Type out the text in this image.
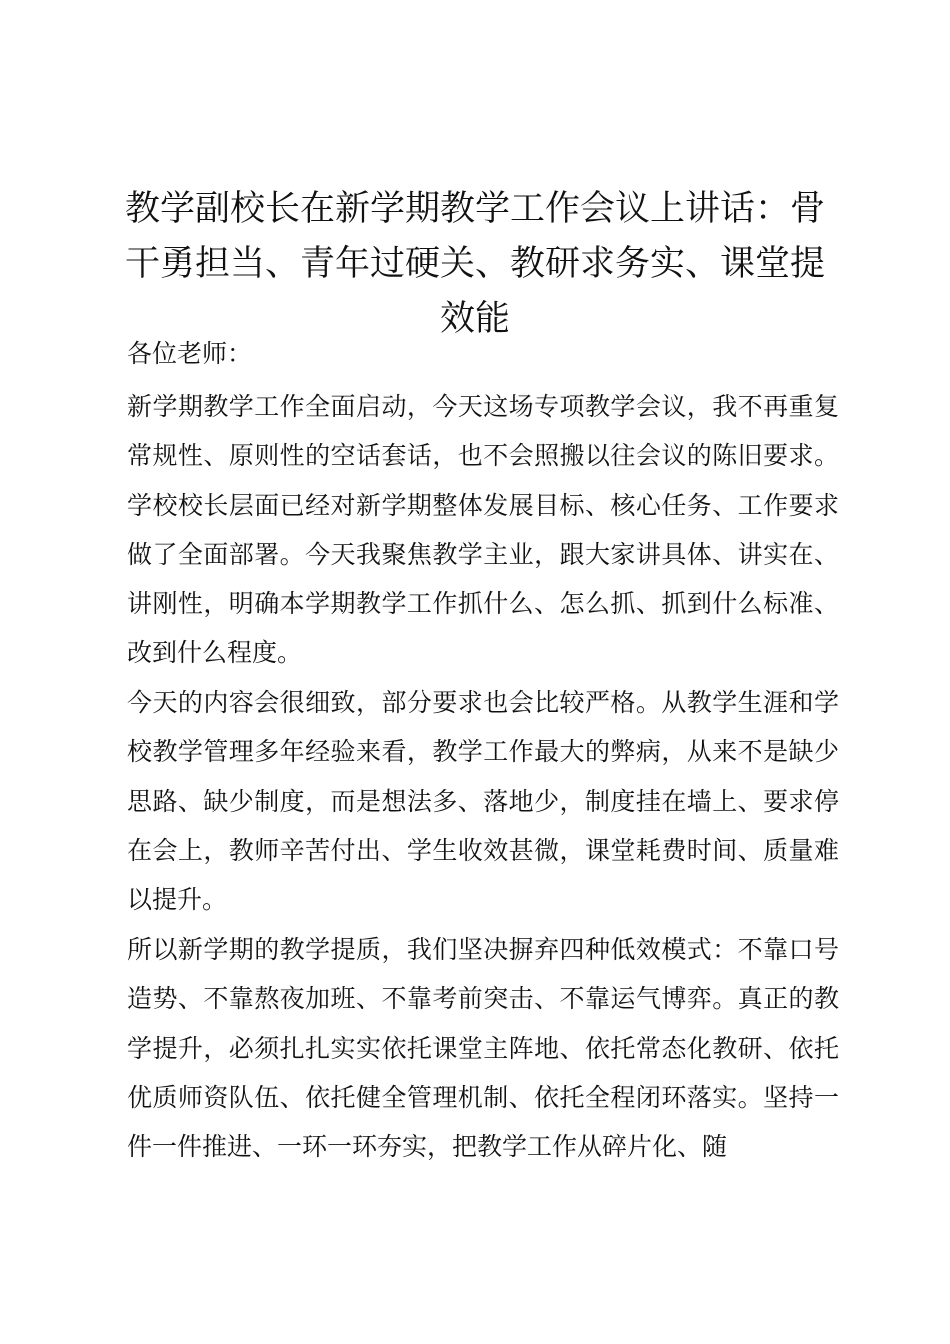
教学副校长在新学期教学工作会议上讲话：骨干勇担当、青年过硬关、教研求务实、课堂提效能

各位老师：

新学期教学工作全面启动，今天这场专项教学会议，我不再重复常规性、原则性的空话套话，也不会照搬以往会议的陈旧要求。学校校长层面已经对新学期整体发展目标、核心任务、工作要求做了全面部署。今天我聚焦教学主业，跟大家讲具体、讲实在、讲刚性，明确本学期教学工作抓什么、怎么抓、抓到什么标准、改到什么程度。

今天的内容会很细致，部分要求也会比较严格。从教学生涯和学校教学管理多年经验来看，教学工作最大的弊病，从来不是缺少思路、缺少制度，而是想法多、落地少，制度挂在墙上、要求停在会上，教师辛苦付出、学生收效甚微，课堂耗费时间、质量难以提升。

所以新学期的教学提质，我们坚决摒弃四种低效模式：不靠口号造势、不靠熬夜加班、不靠考前突击、不靠运气博弈。真正的教学提升，必须扎扎实实依托课堂主阵地、依托常态化教研、依托优质师资队伍、依托健全管理机制、依托全程闭环落实。坚持一件一件推进、一环一环夯实，把教学工作从碎片化、随
